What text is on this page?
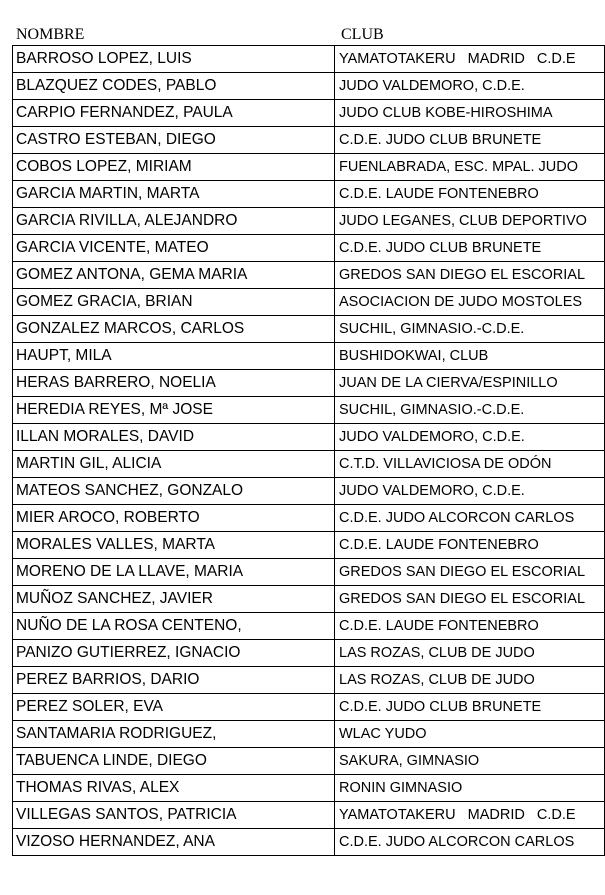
NOMBRE	CLUB
BARROSO LOPEZ, LUIS	YAMATOTAKERU   MADRID   C.D.E
BLAZQUEZ CODES, PABLO	JUDO VALDEMORO, C.D.E.
CARPIO FERNANDEZ, PAULA	JUDO CLUB KOBE-HIROSHIMA
CASTRO ESTEBAN, DIEGO	C.D.E. JUDO CLUB BRUNETE
COBOS LOPEZ, MIRIAM	FUENLABRADA, ESC. MPAL. JUDO
GARCIA MARTIN, MARTA	C.D.E. LAUDE FONTENEBRO
GARCIA RIVILLA, ALEJANDRO	JUDO LEGANES, CLUB DEPORTIVO
GARCIA VICENTE, MATEO	C.D.E. JUDO CLUB BRUNETE
GOMEZ ANTONA, GEMA MARIA	GREDOS SAN DIEGO EL ESCORIAL
GOMEZ GRACIA, BRIAN	ASOCIACION DE JUDO MOSTOLES
GONZALEZ MARCOS, CARLOS	SUCHIL, GIMNASIO.-C.D.E.
HAUPT, MILA	BUSHIDOKWAI, CLUB
HERAS BARRERO, NOELIA	JUAN DE LA CIERVA/ESPINILLO
HEREDIA REYES, Mª JOSE	SUCHIL, GIMNASIO.-C.D.E.
ILLAN MORALES, DAVID	JUDO VALDEMORO, C.D.E.
MARTIN GIL, ALICIA	C.T.D. VILLAVICIOSA DE ODÓN
MATEOS SANCHEZ, GONZALO	JUDO VALDEMORO, C.D.E.
MIER AROCO, ROBERTO	C.D.E. JUDO ALCORCON CARLOS
MORALES VALLES, MARTA	C.D.E. LAUDE FONTENEBRO
MORENO DE LA LLAVE, MARIA	GREDOS SAN DIEGO EL ESCORIAL
MUÑOZ SANCHEZ, JAVIER	GREDOS SAN DIEGO EL ESCORIAL
NUÑO DE LA ROSA CENTENO,	C.D.E. LAUDE FONTENEBRO
PANIZO GUTIERREZ, IGNACIO	LAS ROZAS, CLUB DE JUDO
PEREZ BARRIOS, DARIO	LAS ROZAS, CLUB DE JUDO
PEREZ SOLER, EVA	C.D.E. JUDO CLUB BRUNETE
SANTAMARIA RODRIGUEZ,	WLAC YUDO
TABUENCA LINDE, DIEGO	SAKURA, GIMNASIO
THOMAS RIVAS, ALEX	RONIN GIMNASIO
VILLEGAS SANTOS, PATRICIA	YAMATOTAKERU   MADRID   C.D.E
VIZOSO HERNANDEZ, ANA	C.D.E. JUDO ALCORCON CARLOS
